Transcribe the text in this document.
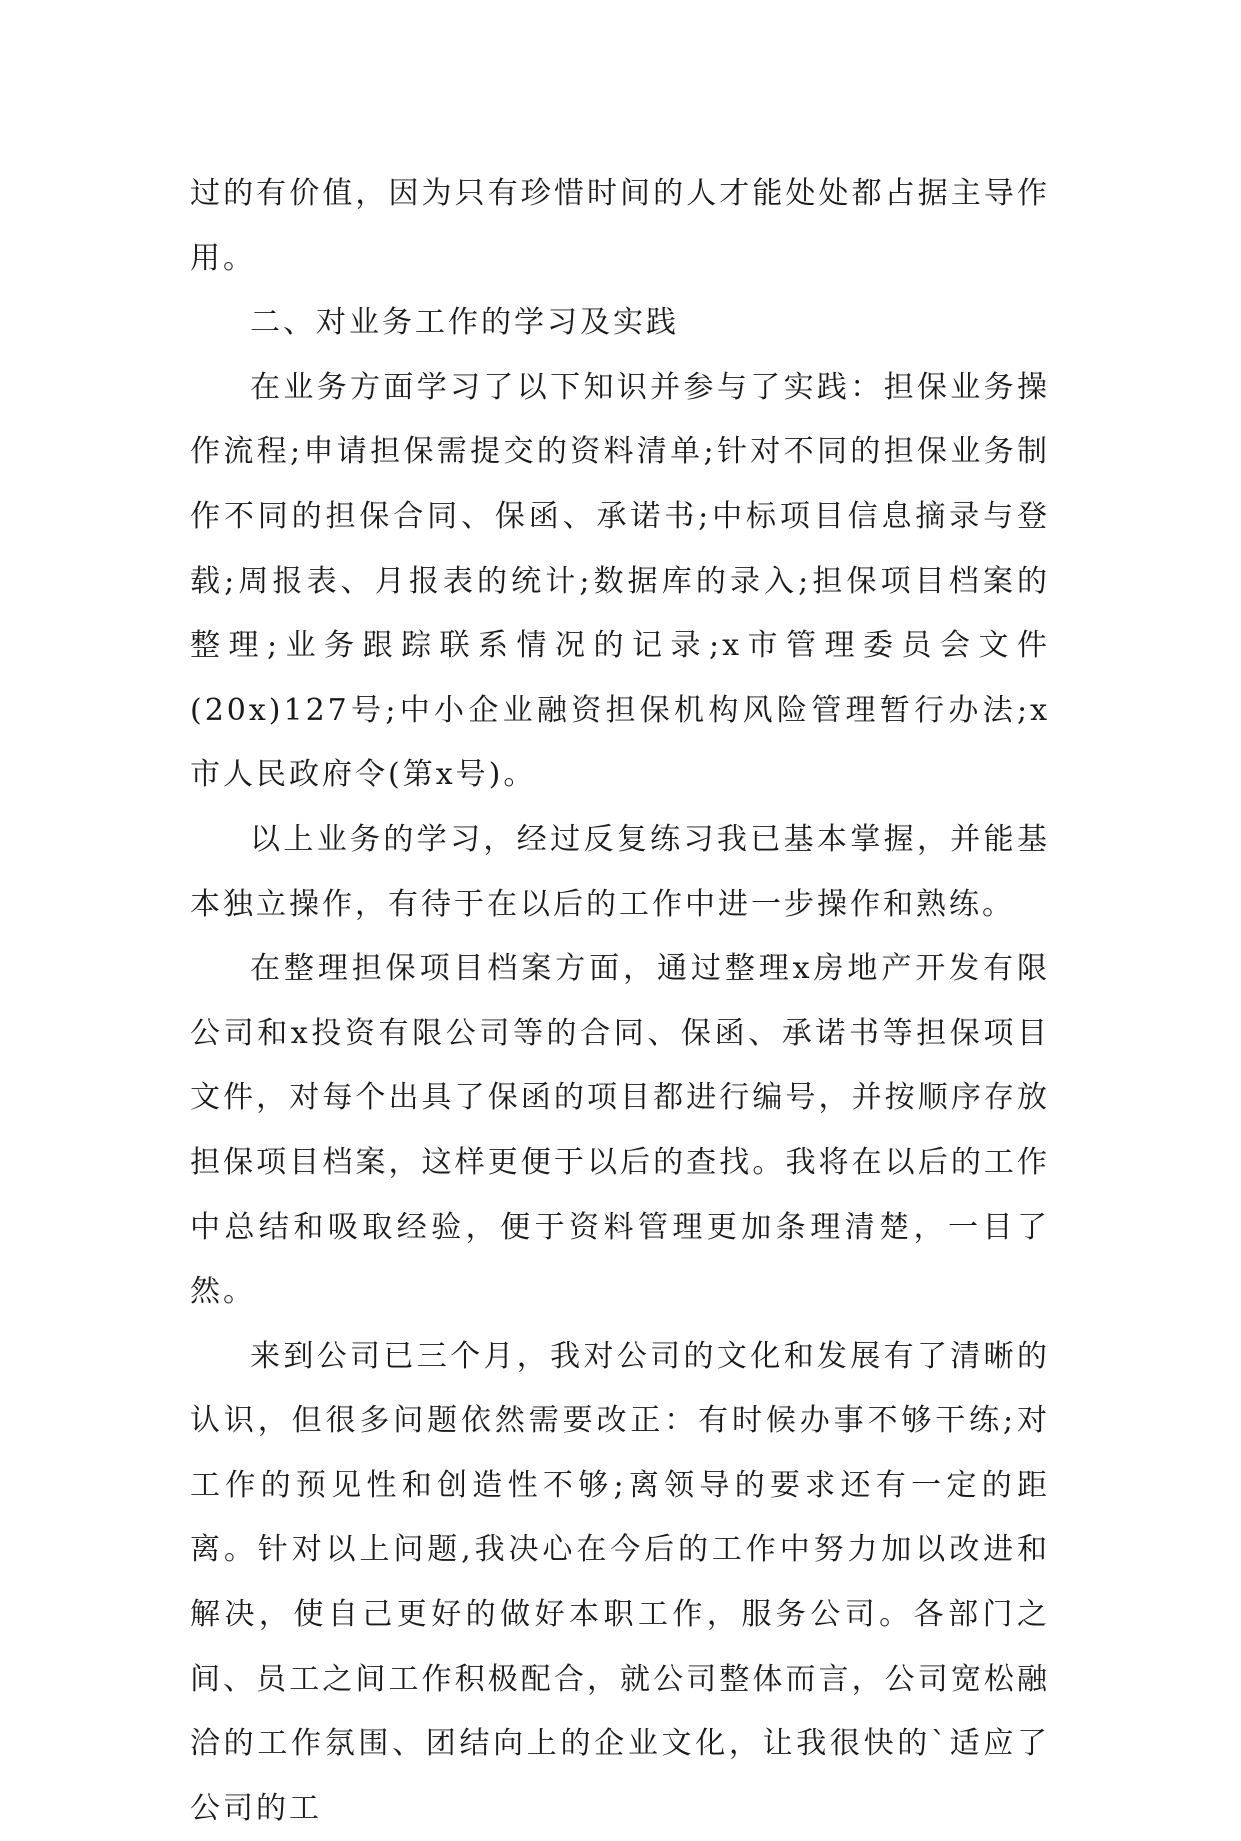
过的有价值，因为只有珍惜时间的人才能处处都占据主导作用。

二、对业务工作的学习及实践

在业务方面学习了以下知识并参与了实践：担保业务操作流程;申请担保需提交的资料清单;针对不同的担保业务制作不同的担保合同、保函、承诺书;中标项目信息摘录与登载;周报表、月报表的统计;数据库的录入;担保项目档案的整理;业务跟踪联系情况的记录;x市管理委员会文件(20x)127号;中小企业融资担保机构风险管理暂行办法;x市人民政府令(第x号)。

以上业务的学习，经过反复练习我已基本掌握，并能基本独立操作，有待于在以后的工作中进一步操作和熟练。

在整理担保项目档案方面，通过整理x房地产开发有限公司和x投资有限公司等的合同、保函、承诺书等担保项目文件，对每个出具了保函的项目都进行编号，并按顺序存放担保项目档案，这样更便于以后的查找。我将在以后的工作中总结和吸取经验，便于资料管理更加条理清楚，一目了然。

来到公司已三个月，我对公司的文化和发展有了清晰的认识，但很多问题依然需要改正：有时候办事不够干练;对工作的预见性和创造性不够;离领导的要求还有一定的距离。针对以上问题,我决心在今后的工作中努力加以改进和解决，使自己更好的做好本职工作，服务公司。各部门之间、员工之间工作积极配合，就公司整体而言，公司宽松融洽的工作氛围、团结向上的企业文化，让我很快的`适应了公司的工
